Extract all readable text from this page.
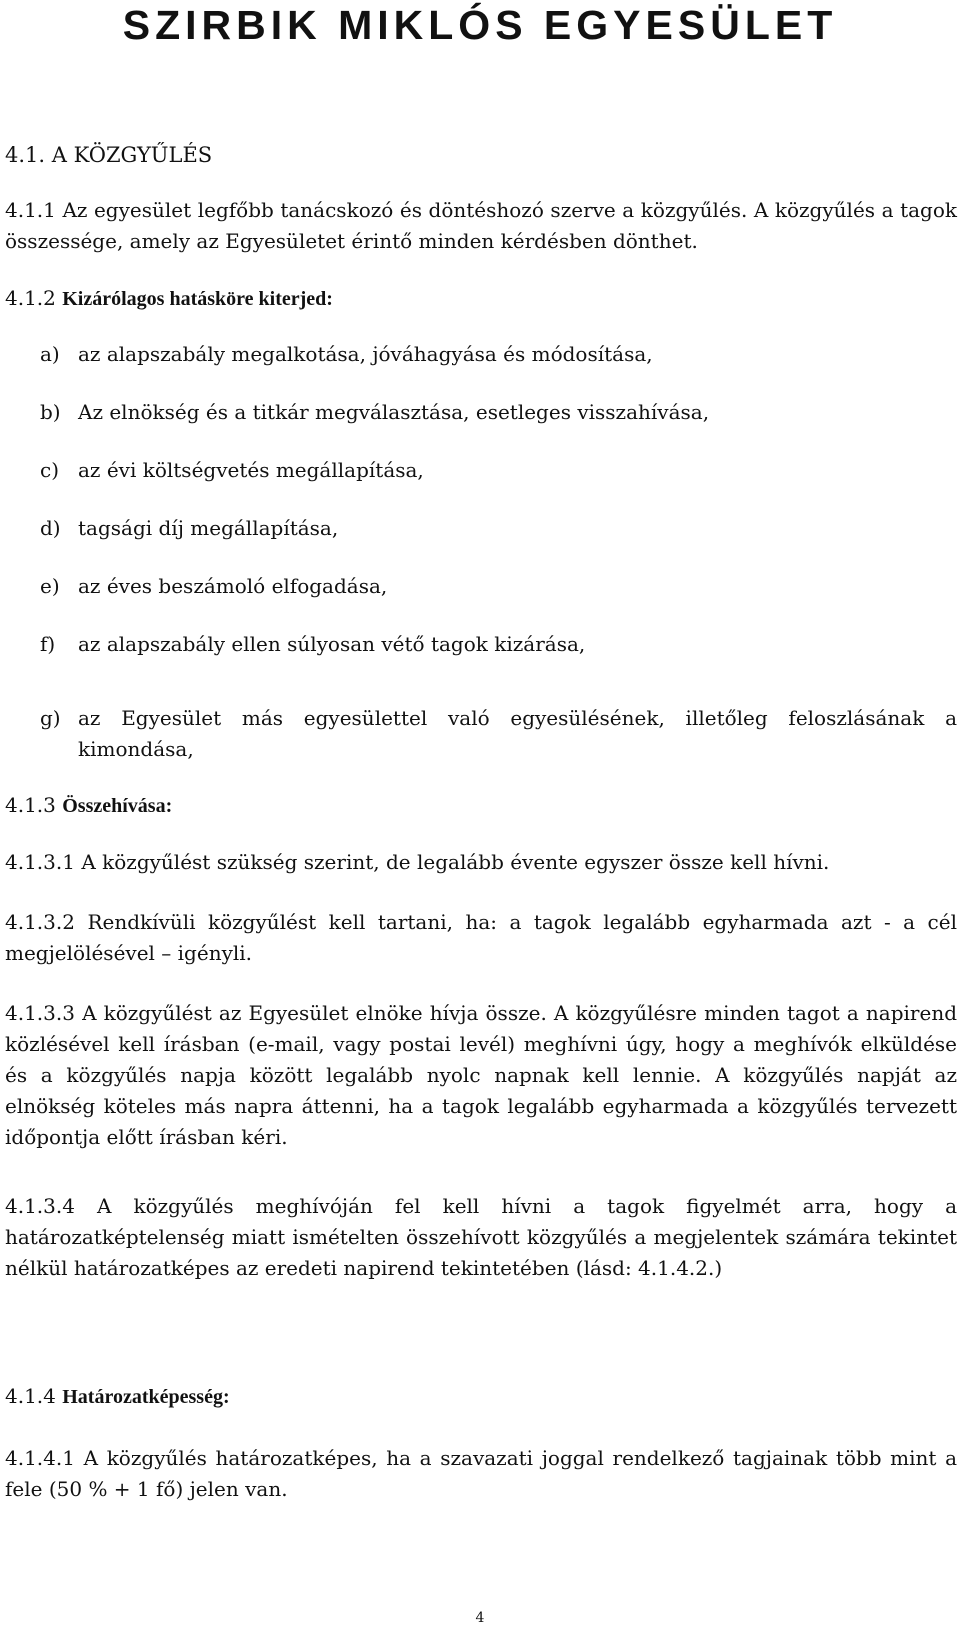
SZIRBIK MIKLÓS EGYESÜLET
4.1. A KÖZGYŰLÉS
4.1.1 Az egyesület legfőbb tanácskozó és döntéshozó szerve a közgyűlés. A közgyűlés a tagok összessége, amely az Egyesületet érintő minden kérdésben dönthet.
4.1.2 Kizárólagos hatásköre kiterjed:
a) az alapszabály megalkotása, jóváhagyása és módosítása,
b) Az elnökség és a titkár megválasztása, esetleges visszahívása,
c) az évi költségvetés megállapítása,
d) tagsági díj megállapítása,
e) az éves beszámoló elfogadása,
f) az alapszabály ellen súlyosan vétő tagok kizárása,
g) az Egyesület más egyesülettel való egyesülésének, illetőleg feloszlásának a kimondása,
4.1.3 Összehívása:
4.1.3.1 A közgyűlést szükség szerint, de legalább évente egyszer össze kell hívni.
4.1.3.2 Rendkívüli közgyűlést kell tartani, ha: a tagok legalább egyharmada azt - a cél megjelölésével – igényli.
4.1.3.3 A közgyűlést az Egyesület elnöke hívja össze. A közgyűlésre minden tagot a napirend közlésével kell írásban (e-mail, vagy postai levél) meghívni úgy, hogy a meghívók elküldése és a közgyűlés napja között legalább nyolc napnak kell lennie. A közgyűlés napját az elnökség köteles más napra áttenni, ha a tagok legalább egyharmada a közgyűlés tervezett időpontja előtt írásban kéri.
4.1.3.4 A közgyűlés meghívóján fel kell hívni a tagok figyelmét arra, hogy a határozatképtelenség miatt ismételten összehívott közgyűlés a megjelentek számára tekintet nélkül határozatképes az eredeti napirend tekintetében (lásd: 4.1.4.2.)
4.1.4 Határozatképesség:
4.1.4.1 A közgyűlés határozatképes, ha a szavazati joggal rendelkező tagjainak több mint a fele (50 % + 1 fő) jelen van.
4
